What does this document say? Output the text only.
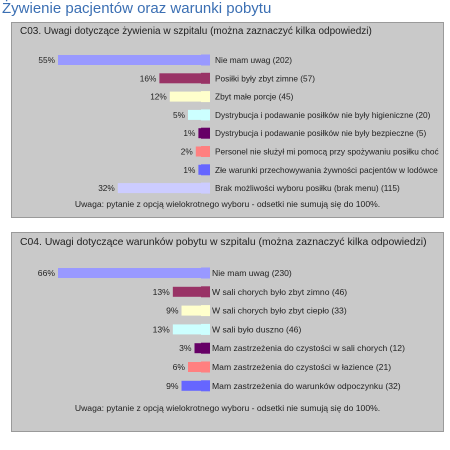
Żywienie pacjentów oraz warunki pobytu
C03. Uwagi dotyczące żywienia w szpitalu (można zaznaczyć kilka odpowiedzi)
55%	Nie mam uwag (202)
16%	Posiłki były zbyt zimne (57)
12%	Zbyt małe porcje (45)
5%	Dystrybucja i podawanie posiłków nie były higieniczne (20)
1% Dystrybucja i podawanie posiłków nie były bezpieczne (5)
2%	Personel nie służył mi pomocą przy spożywaniu posiłku choć
1% Złe warunki przechowywania żywności pacjentów w lodówce
32%	Brak możliwości wyboru posiłku (brak menu) (115)
Uwaga: pytanie z opcją wielokrotnego wyboru - odsetki nie sumują się do 100%.
C04. Uwagi dotyczące warunków pobytu w szpitalu (można zaznaczyć kilka odpowiedzi)
66%	Nie mam uwag (230)
13%	W sali chorych było zbyt zimno (46)
9%	W sali chorych było zbyt ciepło (33)
13%	W sali było duszno (46)
3% Mam zastrzeżenia do czystości w sali chorych (12)
6%	Mam zastrzeżenia do czystości w łazience (21)
9%	Mam zastrzeżenia do warunków odpoczynku (32)
Uwaga: pytanie z opcją wielokrotnego wyboru - odsetki nie sumują się do 100%.
